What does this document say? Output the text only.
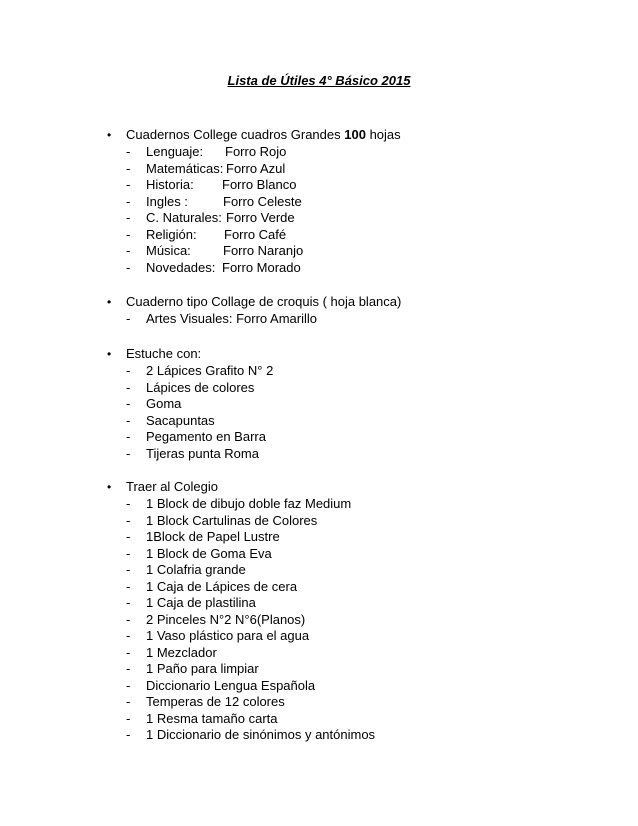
Lista de Útiles 4° Básico 2015
• Cuadernos College cuadros Grandes 100 hojas
- Lenguaje: Forro Rojo
- Matemáticas: Forro Azul
- Historia: Forro Blanco
- Ingles :	Forro Celeste
- C. Naturales: Forro Verde
- Religión: Forro Café
- Música: Forro Naranjo
- Novedades: Forro Morado
• Cuaderno tipo Collage de croquis ( hoja blanca)
- Artes Visuales: Forro Amarillo
• Estuche con:
- 2 Lápices Grafito N° 2
- Lápices de colores
- Goma
- Sacapuntas
- Pegamento en Barra
- Tijeras punta Roma
• Traer al Colegio
- 1 Block de dibujo doble faz Medium
- 1 Block Cartulinas de Colores
- 1Block de Papel Lustre
- 1 Block de Goma Eva
- 1 Colafria grande
- 1 Caja de Lápices de cera
- 1 Caja de plastilina
- 2 Pinceles N°2 N°6(Planos)
- 1 Vaso plástico para el agua
- 1 Mezclador
- 1 Paño para limpiar
- Diccionario Lengua Española
- Temperas de 12 colores
- 1 Resma tamaño carta
- 1 Diccionario de sinónimos y antónimos
